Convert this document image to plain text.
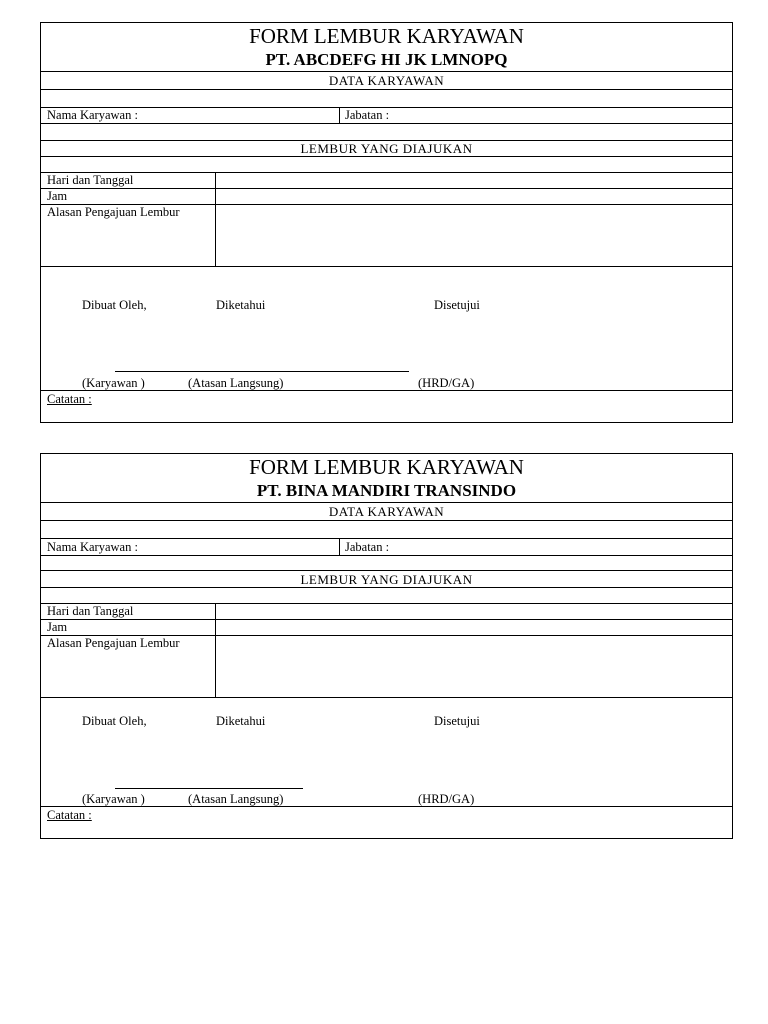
FORM LEMBUR KARYAWAN
PT. ABCDEFG HI JK LMNOPQ
DATA KARYAWAN
Nama Karyawan :	Jabatan :
LEMBUR YANG DIAJUKAN
Hari dan Tanggal
Jam
Alasan Pengajuan Lembur
Dibuat Oleh,	Diketahui	Disetujui
(Karyawan )	(Atasan Langsung)	(HRD/GA)
Catatan :
FORM LEMBUR KARYAWAN
PT. BINA MANDIRI TRANSINDO
DATA KARYAWAN
Nama Karyawan :	Jabatan :
LEMBUR YANG DIAJUKAN
Hari dan Tanggal
Jam
Alasan Pengajuan Lembur
Dibuat Oleh,	Diketahui	Disetujui
(Karyawan )	(Atasan Langsung)	(HRD/GA)
Catatan :
